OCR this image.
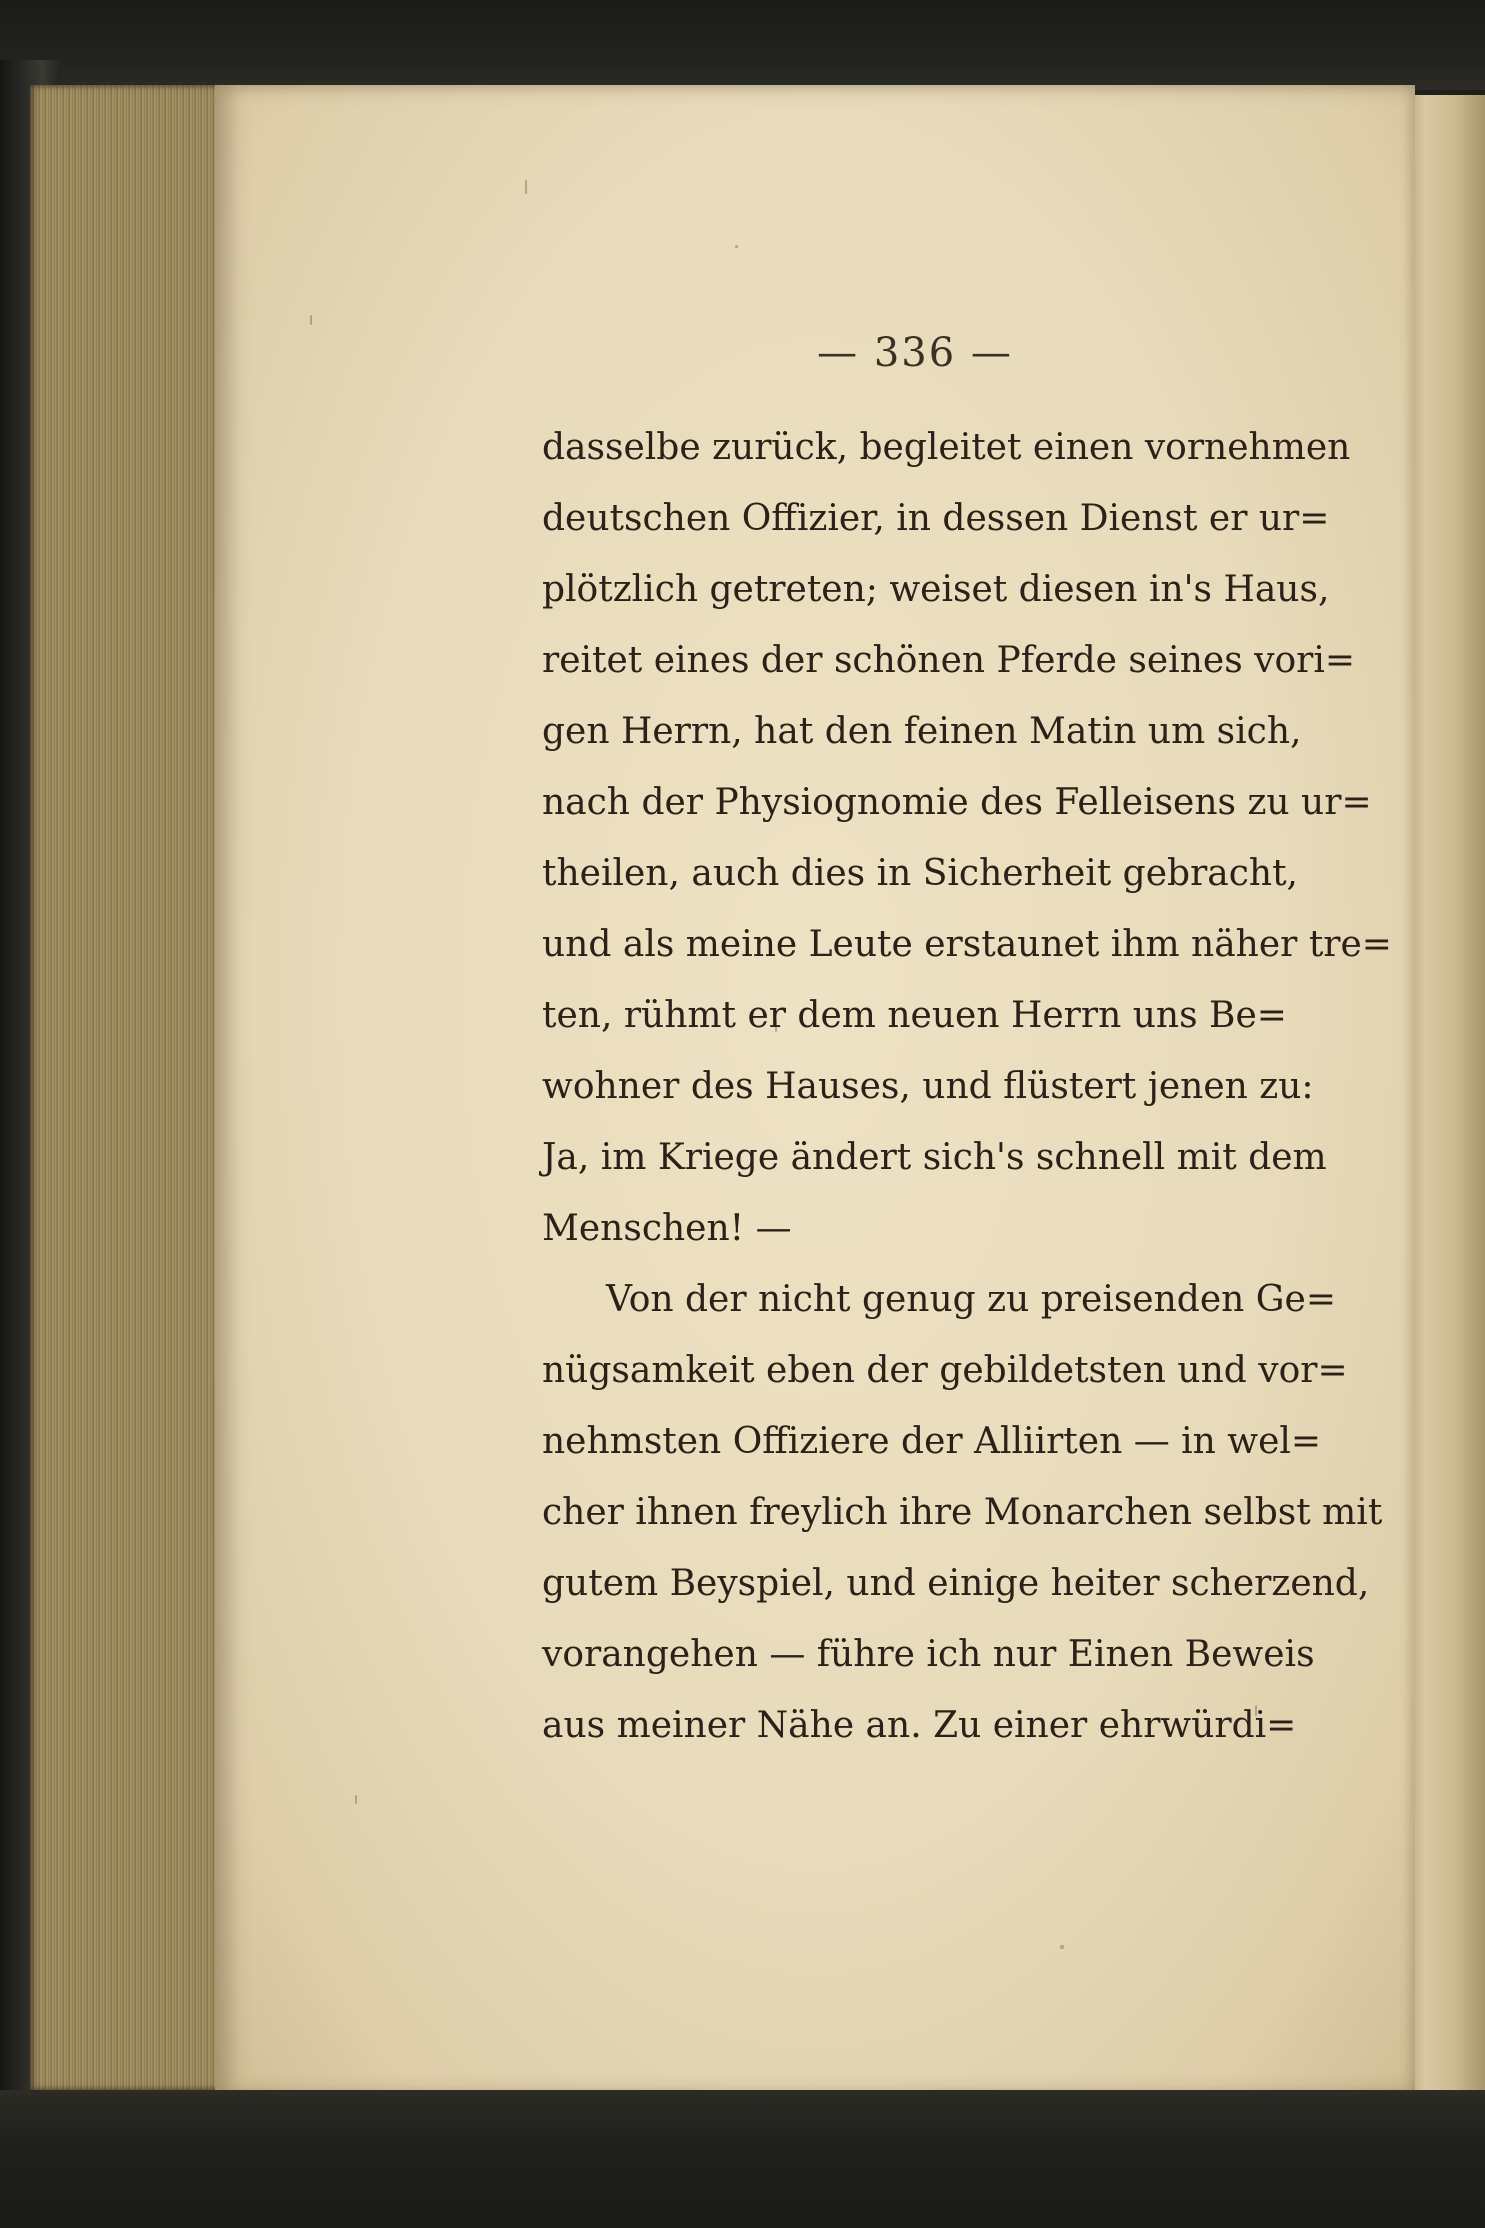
— 336 —
dasselbe zurück, begleitet einen vornehmen
deutschen Offizier, in dessen Dienst er ur=
plötzlich getreten; weiset diesen in's Haus,
reitet eines der schönen Pferde seines vori=
gen Herrn, hat den feinen Matin um sich,
nach der Physiognomie des Felleisens zu ur=
theilen, auch dies in Sicherheit gebracht,
und als meine Leute erstaunet ihm näher tre=
ten, rühmt er dem neuen Herrn uns Be=
wohner des Hauses, und flüstert jenen zu:
Ja, im Kriege ändert sich's schnell mit dem
Menschen! —
Von der nicht genug zu preisenden Ge=
nügsamkeit eben der gebildetsten und vor=
nehmsten Offiziere der Alliirten — in wel=
cher ihnen freylich ihre Monarchen selbst mit
gutem Beyspiel, und einige heiter scherzend,
vorangehen — führe ich nur Einen Beweis
aus meiner Nähe an. Zu einer ehrwürdi=
